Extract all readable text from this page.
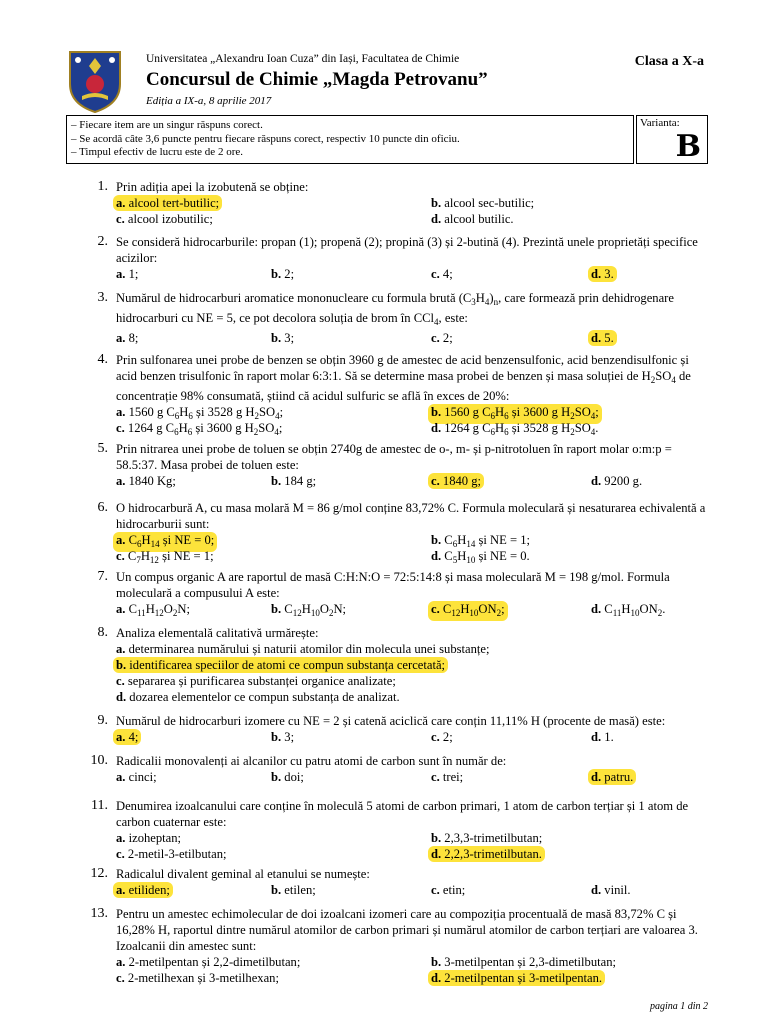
Universitatea „Alexandru Ioan Cuza” din Iași, Facultatea de Chimie
Concursul de Chimie „Magda Petrovanu”
Ediția a IX-a, 8 aprilie 2017
Clasa a X-a
– Fiecare item are un singur răspuns corect.
– Se acordă câte 3,6 puncte pentru fiecare răspuns corect, respectiv 10 puncte din oficiu.
– Timpul efectiv de lucru este de 2 ore.
Varianta:
B
1. Prin adiția apei la izobutenă se obține:
a. alcool tert-butilic;	b. alcool sec-butilic;
c. alcool izobutilic;	d. alcool butilic.
2. Se consideră hidrocarburile: propan (1); propenă (2); propină (3) și 2-butină (4). Prezintă unele proprietăți specifice acizilor:
a. 1;	b. 2;	c. 4;	d. 3.
3. Numărul de hidrocarburi aromatice mononucleare cu formula brută $(C_3H_4)_n$, care formează prin dehidrogenare hidrocarburi cu NE = 5, ce pot decolora soluția de brom în CCl$_4$, este:
a. 8;	b. 3;	c. 2;	d. 5.
4. Prin sulfonarea unei probe de benzen se obțin 3960 g de amestec de acid benzensulfonic, acid benzendisulfonic și acid benzen trisulfonic în raport molar 6:3:1. Să se determine masa probei de benzen și masa soluției de $H_2SO_4$ de concentrație 98% consumată, știind că acidul sulfuric se află în exces de 20%:
a. 1560 g $C_6H_6$ și 3528 g $H_2SO_4$;	b. 1560 g $C_6H_6$ și 3600 g $H_2SO_4$;
c. 1264 g $C_6H_6$ și 3600 g $H_2SO_4$;	d. 1264 g $C_6H_6$ și 3528 g $H_2SO_4$.
5. Prin nitrarea unei probe de toluen se obțin 2740g de amestec de o-, m- și p-nitrotoluen în raport molar o:m:p = 58.5:37. Masa probei de toluen este:
a. 1840 Kg;	b. 184 g;	c. 1840 g;	d. 9200 g.
6. O hidrocarbură A, cu masa molară M = 86 g/mol conține 83,72% C. Formula moleculară și nesaturarea echivalentă a hidrocarburii sunt:
a. $C_6H_{14}$ și NE = 0;	b. $C_6H_{14}$ și NE = 1;
c. $C_7H_{12}$ și NE = 1;	d. $C_5H_{10}$ și NE = 0.
7. Un compus organic A are raportul de masă C:H:N:O = 72:5:14:8 și masa moleculară M = 198 g/mol. Formula moleculară a compusului A este:
a. $C_{11}H_{12}O_2N$;	b. $C_{12}H_{10}O_2N$;	c. $C_{12}H_{10}ON_2$;	d. $C_{11}H_{10}ON_2$.
8. Analiza elementală calitativă urmărește:
a. determinarea numărului și naturii atomilor din molecula unei substanțe;
b. identificarea speciilor de atomi ce compun substanța cercetată;
c. separarea și purificarea substanței organice analizate;
d. dozarea elementelor ce compun substanța de analizat.
9. Numărul de hidrocarburi izomere cu NE = 2 și catenă aciclică care conțin 11,11% H (procente de masă) este:
a. 4;	b. 3;	c. 2;	d. 1.
10. Radicalii monovalenți ai alcanilor cu patru atomi de carbon sunt în număr de:
a. cinci;	b. doi;	c. trei;	d. patru.
11. Denumirea izoalcanului care conține în moleculă 5 atomi de carbon primari, 1 atom de carbon terțiar și 1 atom de carbon cuaternar este:
a. izoheptan;	b. 2,3,3-trimetilbutan;
c. 2-metil-3-etilbutan;	d. 2,2,3-trimetilbutan.
12. Radicalul divalent geminal al etanului se numește:
a. etiliden;	b. etilen;	c. etin;	d. vinil.
13. Pentru un amestec echimolecular de doi izoalcani izomeri care au compoziția procentuală de masă 83,72% C și 16,28% H, raportul dintre numărul atomilor de carbon primari și numărul atomilor de carbon terțiari are valoarea 3. Izoalcanii din amestec sunt:
a. 2-metilpentan și 2,2-dimetilbutan;	b. 3-metilpentan și 2,3-dimetilbutan;
c. 2-metilhexan și 3-metilhexan;	d. 2-metilpentan și 3-metilpentan.
pagina 1 din 2
